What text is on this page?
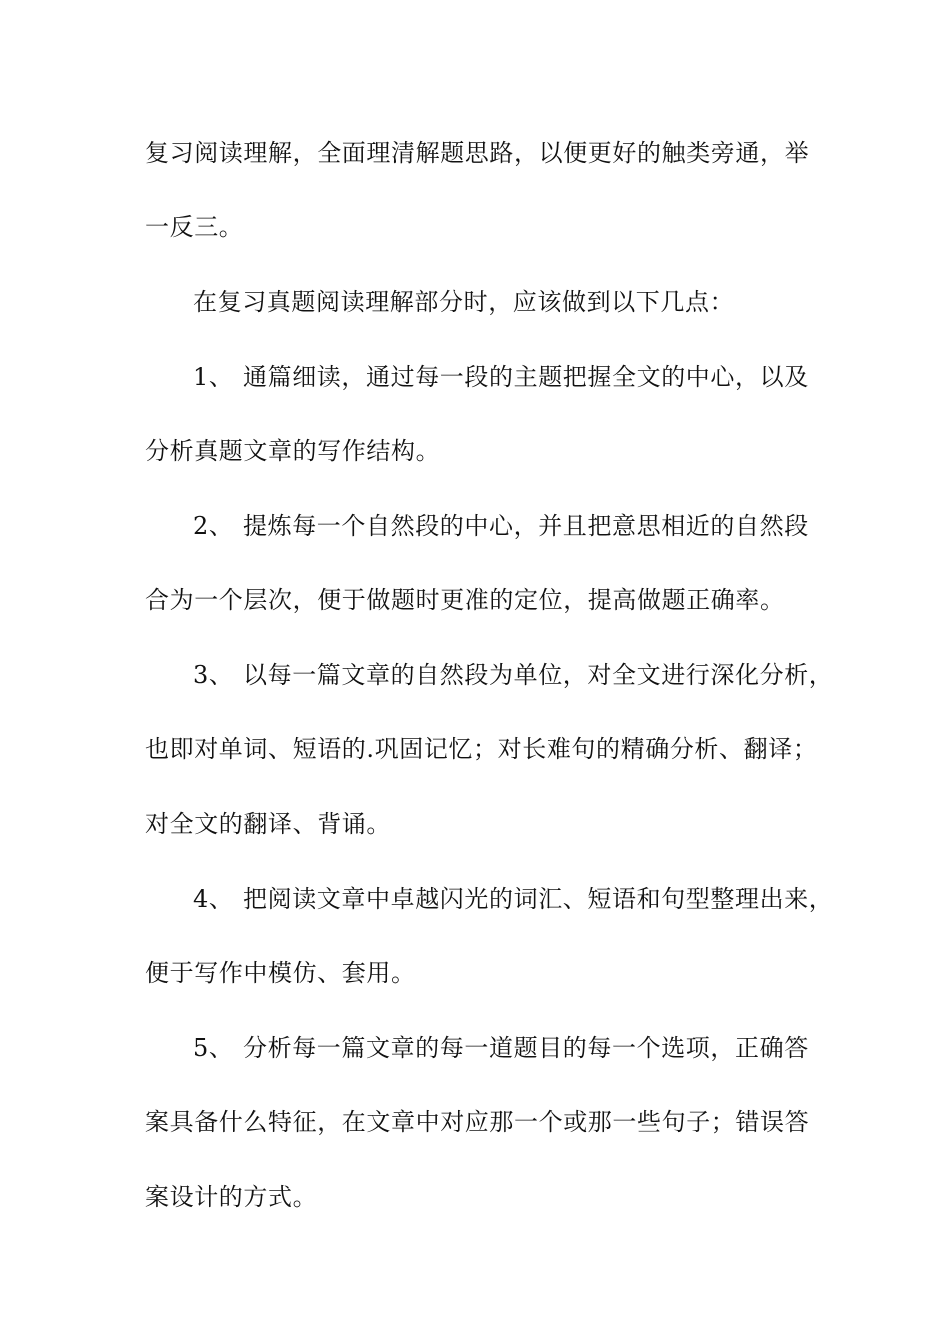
复习阅读理解，全面理清解题思路，以便更好的触类旁通，举
一反三。
在复习真题阅读理解部分时，应该做到以下几点：
1、 通篇细读，通过每一段的主题把握全文的中心，以及
分析真题文章的写作结构。
2、 提炼每一个自然段的中心，并且把意思相近的自然段
合为一个层次，便于做题时更准的定位，提高做题正确率。
3、 以每一篇文章的自然段为单位，对全文进行深化分析，
也即对单词、短语的.巩固记忆；对长难句的精确分析、翻译；
对全文的翻译、背诵。
4、 把阅读文章中卓越闪光的词汇、短语和句型整理出来，
便于写作中模仿、套用。
5、 分析每一篇文章的每一道题目的每一个选项，正确答
案具备什么特征，在文章中对应那一个或那一些句子；错误答
案设计的方式。
